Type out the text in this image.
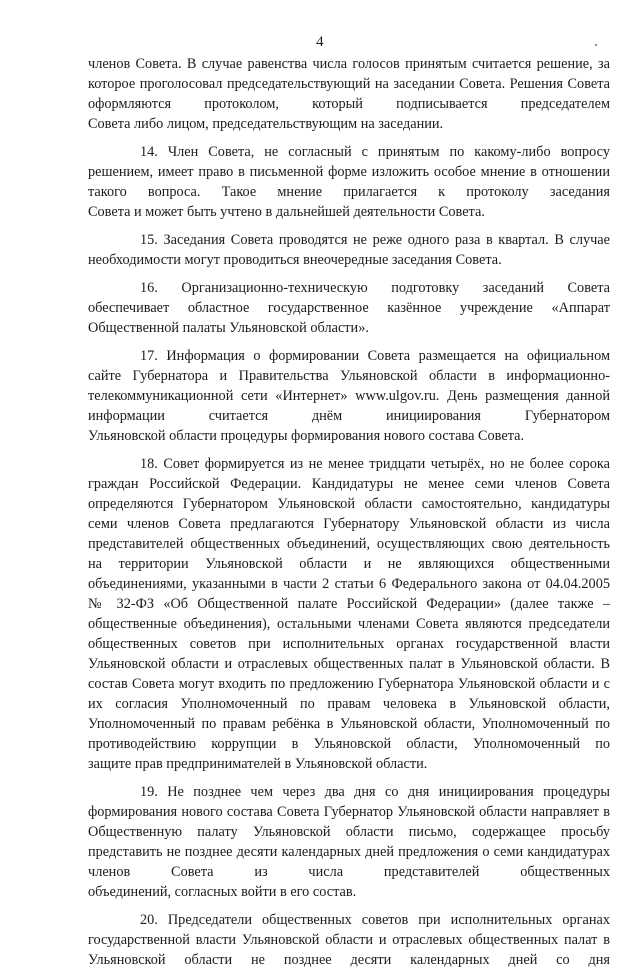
4

членов Совета. В случае равенства числа голосов принятым считается решение, за которое проголосовал председательствующий на заседании Совета. Решения Совета оформляются протоколом, который подписывается председателем
Совета либо лицом, председательствующим на заседании.

14. Член Совета, не согласный с принятым по какому-либо вопросу решением, имеет право в письменной форме изложить особое мнение в отношении такого вопроса. Такое мнение прилагается к протоколу заседания
Совета и может быть учтено в дальнейшей деятельности Совета.

15. Заседания Совета проводятся не реже одного раза в квартал. В случае
необходимости могут проводиться внеочередные заседания Совета.

16. Организационно-техническую подготовку заседаний Совета обеспечивает областное государственное казённое учреждение «Аппарат
Общественной палаты Ульяновской области».

17. Информация о формировании Совета размещается на официальном сайте Губернатора и Правительства Ульяновской области в информационно-телекоммуникационной сети «Интернет» www.ulgov.ru. День размещения данной информации считается днём инициирования Губернатором
Ульяновской области процедуры формирования нового состава Совета.

18. Совет формируется из не менее тридцати четырёх, но не более сорока граждан Российской Федерации. Кандидатуры не менее семи членов Совета определяются Губернатором Ульяновской области самостоятельно, кандидатуры семи членов Совета предлагаются Губернатору Ульяновской области из числа представителей общественных объединений, осуществляющих свою деятельность на территории Ульяновской области и не являющихся общественными объединениями, указанными в части 2 статьи 6 Федерального закона от 04.04.2005 № 32-ФЗ «Об Общественной палате Российской Федерации» (далее также – общественные объединения), остальными членами Совета являются председатели общественных советов при исполнительных органах государственной власти Ульяновской области и отраслевых общественных палат в Ульяновской области. В состав Совета могут входить по предложению Губернатора Ульяновской области и с их согласия Уполномоченный по правам человека в Ульяновской области, Уполномоченный по правам ребёнка в Ульяновской области, Уполномоченный по противодействию коррупции в Ульяновской области, Уполномоченный по
защите прав предпринимателей в Ульяновской области.

19. Не позднее чем через два дня со дня инициирования процедуры формирования нового состава Совета Губернатор Ульяновской области направляет в Общественную палату Ульяновской области письмо, содержащее просьбу представить не позднее десяти календарных дней предложения о семи кандидатурах членов Совета из числа представителей общественных
объединений, согласных войти в его состав.

20. Председатели общественных советов при исполнительных органах государственной власти Ульяновской области и отраслевых общественных палат в Ульяновской области не позднее десяти календарных дней со дня
